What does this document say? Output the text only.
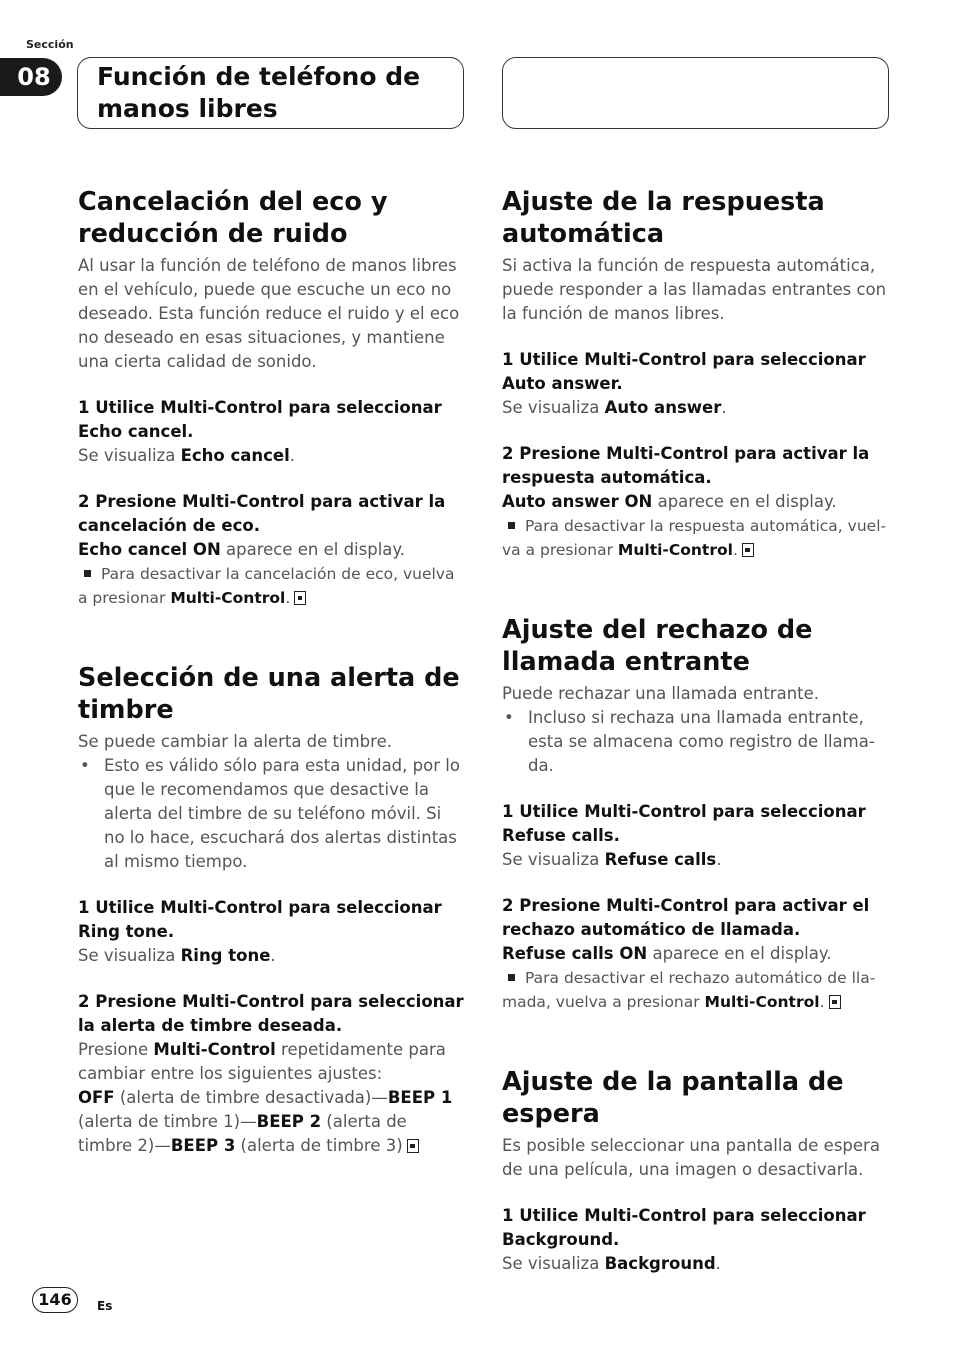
Sección
08	Función de teléfono de manos libres
Cancelación del eco y reducción de ruido

Al usar la función de teléfono de manos libres en el vehículo, puede que escuche un eco no deseado. Esta función reduce el ruido y el eco no deseado en esas situaciones, y mantiene una cierta calidad de sonido.

1 Utilice Multi-Control para seleccionar Echo cancel.

Se visualiza Echo cancel.

2 Presione Multi-Control para activar la cancelación de eco.

Echo cancel ON aparece en el display.

Para desactivar la cancelación de eco, vuelva a presionar Multi-Control.

Selección de una alerta de timbre

Se puede cambiar la alerta de timbre.

• Esto es válido sólo para esta unidad, por lo que le recomendamos que desactive la alerta del timbre de su teléfono móvil. Si no lo hace, escuchará dos alertas distintas al mismo tiempo.

1 Utilice Multi-Control para seleccionar Ring tone.

Se visualiza Ring tone.

2 Presione Multi-Control para seleccionar la alerta de timbre deseada.

Presione Multi-Control repetidamente para cambiar entre los siguientes ajustes:

OFF (alerta de timbre desactivada)—BEEP 1 (alerta de timbre 1)—BEEP 2 (alerta de timbre 2)—BEEP 3 (alerta de timbre 3)

Ajuste de la respuesta automática

Si activa la función de respuesta automática, puede responder a las llamadas entrantes con la función de manos libres.

1 Utilice Multi-Control para seleccionar Auto answer.

Se visualiza Auto answer.

2 Presione Multi-Control para activar la respuesta automática.

Auto answer ON aparece en el display.

Para desactivar la respuesta automática, vuel- va a presionar Multi-Control.

Ajuste del rechazo de llamada entrante

Puede rechazar una llamada entrante.

• Incluso si rechaza una llamada entrante, esta se almacena como registro de llama- da.

1 Utilice Multi-Control para seleccionar Refuse calls.

Se visualiza Refuse calls.

2 Presione Multi-Control para activar el rechazo automático de llamada.

Refuse calls ON aparece en el display.

Para desactivar el rechazo automático de lla- mada, vuelva a presionar Multi-Control.

Ajuste de la pantalla de espera

Es posible seleccionar una pantalla de espera de una película, una imagen o desactivarla.

1 Utilice Multi-Control para seleccionar Background.

Se visualiza Background.

146	Es
